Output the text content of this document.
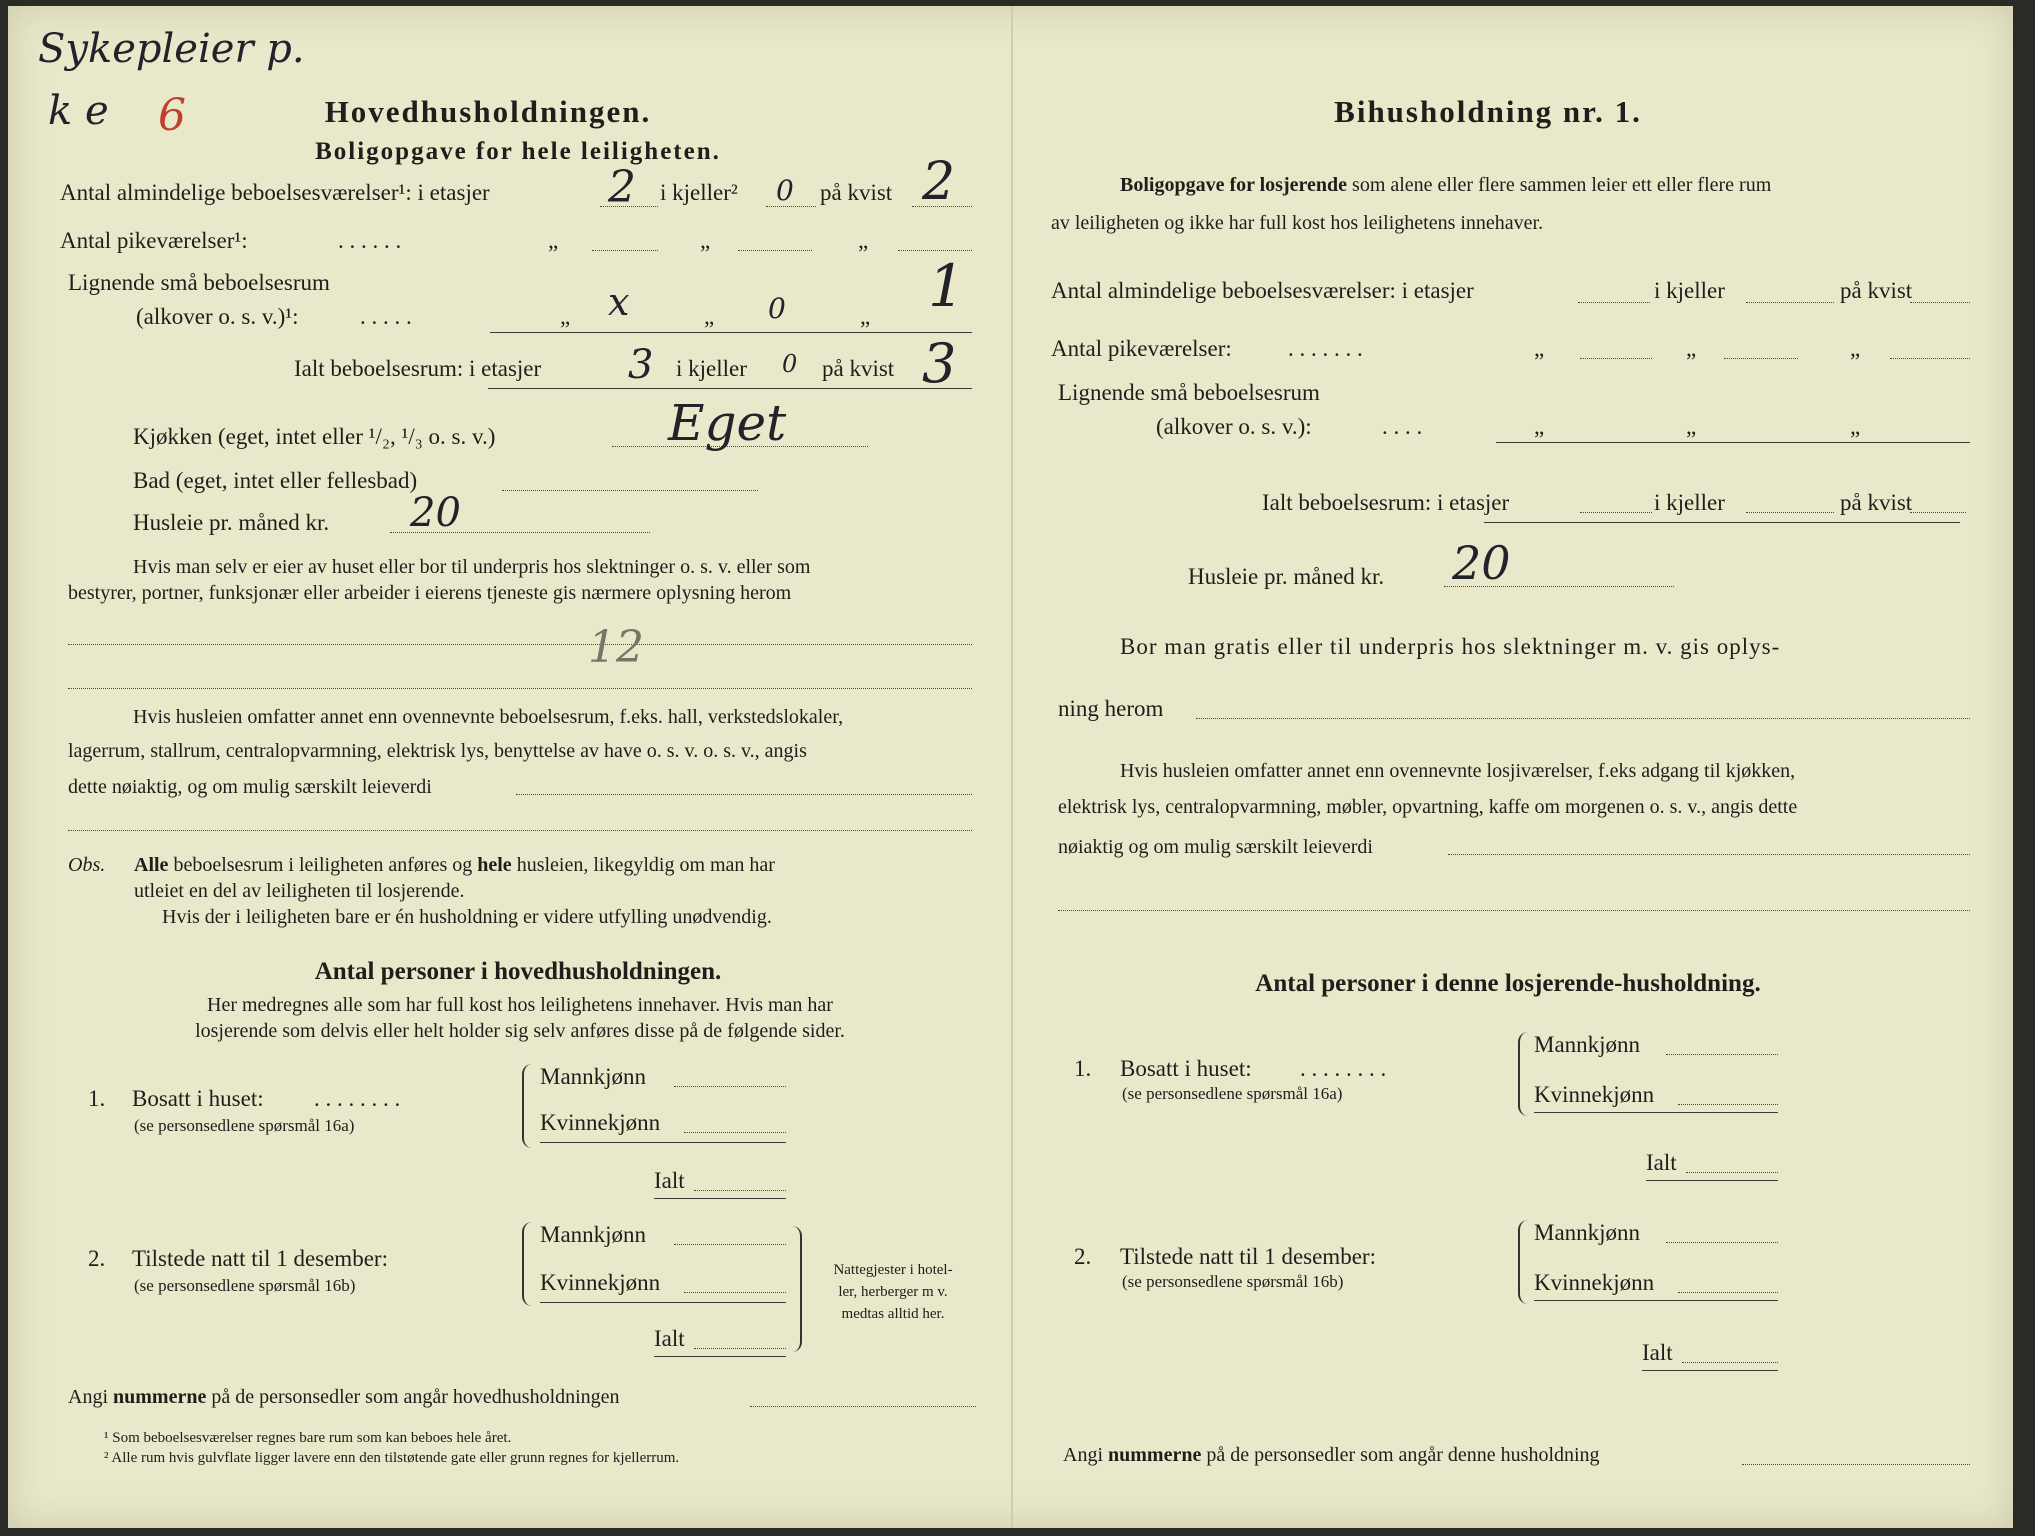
Sykepleier p.
k e 6	Hovedhusholdningen.
Boligopgave for hele leiligheten.
Antal almindelige beboelsesværelser¹: i etasjer	2 i kjeller² 0 på kvist 2
Antal pikeværelser¹:	. . . . . .	„	„	„
Lignende små beboelsesrum
(alkover o. s. v.)¹:	. . . . .	„ x	„ 0	„ 1
Ialt beboelsesrum: i etasjer 3 i kjeller 0 på kvist 3
Kjøkken (eget, intet eller ¹/₂, ¹/₃ o. s. v.)	Eget
Bad (eget, intet eller fellesbad)
Husleie pr. måned kr. 20
Hvis man selv er eier av huset eller bor til underpris hos slektninger o. s. v. eller som
bestyrer, portner, funksjonær eller arbeider i eierens tjeneste gis nærmere oplysning herom
12
Hvis husleien omfatter annet enn ovennevnte beboelsesrum, f.eks. hall, verkstedslokaler,
lagerrum, stallrum, centralopvarmning, elektrisk lys, benyttelse av have o. s. v. o. s. v., angis
dette nøiaktig, og om mulig særskilt leieverdi
Obs. Alle beboelsesrum i leiligheten anføres og hele husleien, likegyldig om man har
utleiet en del av leiligheten til losjerende.
Hvis der i leiligheten bare er én husholdning er videre utfylling unødvendig.
Antal personer i hovedhusholdningen.
Her medregnes alle som har full kost hos leilighetens innehaver. Hvis man har
losjerende som delvis eller helt holder sig selv anføres disse på de følgende sider.
1. Bosatt i huset: . . . . . . . .
(se personsedlene spørsmål 16a)
Mannkjønn
Kvinnekjønn
Ialt
2. Tilstede natt til 1 desember:
(se personsedlene spørsmål 16b)
Mannkjønn
Kvinnekjønn
Ialt
Nattegjester i hotel-
ler, herberger m v.
medtas alltid her.
Angi nummerne på de personsedler som angår hovedhusholdningen
¹ Som beboelsesværelser regnes bare rum som kan beboes hele året.
² Alle rum hvis gulvflate ligger lavere enn den tilstøtende gate eller grunn regnes for kjellerrum.
Bihusholdning nr. 1.
Boligopgave for losjerende som alene eller flere sammen leier ett eller flere rum
av leiligheten og ikke har full kost hos leilighetens innehaver.
Antal almindelige beboelsesværelser: i etasjer	i kjeller	på kvist
Antal pikeværelser: . . . . . . .	„	„	„
Lignende små beboelsesrum
(alkover o. s. v.):	. . . .	„	„	„
Ialt beboelsesrum: i etasjer	i kjeller	på kvist
Husleie pr. måned kr. 20
Bor man gratis eller til underpris hos slektninger m. v. gis oplys-
ning herom
Hvis husleien omfatter annet enn ovennevnte losjiværelser, f.eks adgang til kjøkken,
elektrisk lys, centralopvarmning, møbler, opvartning, kaffe om morgenen o. s. v., angis dette
nøiaktig og om mulig særskilt leieverdi
Antal personer i denne losjerende-husholdning.
1. Bosatt i huset: . . . . . . . .
(se personsedlene spørsmål 16a)
Mannkjønn
Kvinnekjønn
Ialt
2. Tilstede natt til 1 desember:
(se personsedlene spørsmål 16b)
Mannkjønn
Kvinnekjønn
Ialt
Angi nummerne på de personsedler som angår denne husholdning
